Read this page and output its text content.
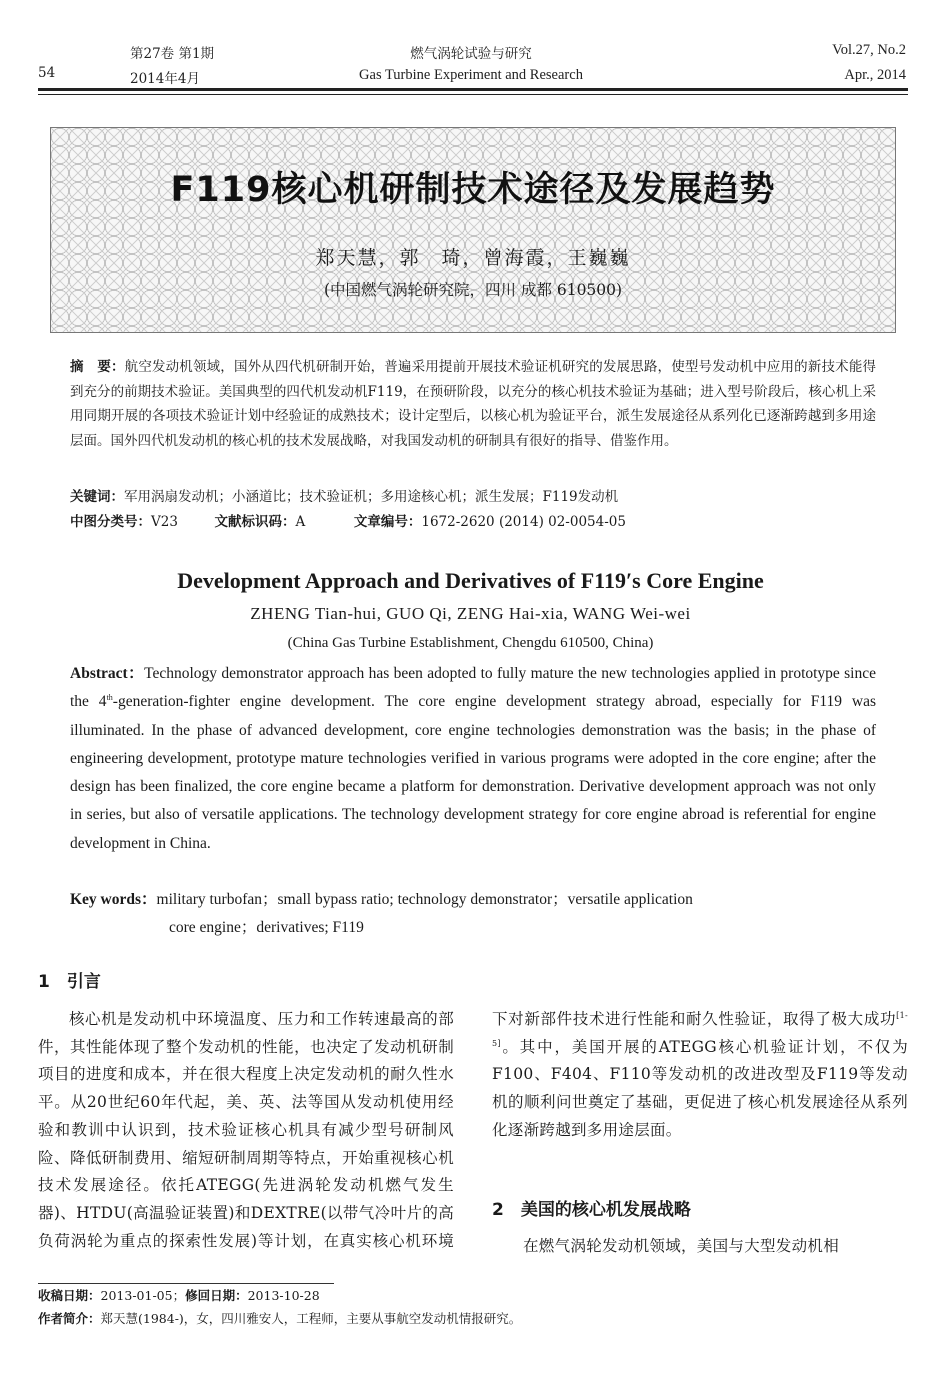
54
第27卷 第1期
2014年4月
燃气涡轮试验与研究
Gas Turbine Experiment and Research
Vol.27, No.2
Apr., 2014
F119核心机研制技术途径及发展趋势
郑天慧，郭　琦，曾海霞，王巍巍
(中国燃气涡轮研究院，四川 成都 610500)
摘　要：航空发动机领域，国外从四代机研制开始，普遍采用提前开展技术验证机研究的发展思路，使型号发动机中应用的新技术能得到充分的前期技术验证。美国典型的四代机发动机F119，在预研阶段，以充分的核心机技术验证为基础；进入型号阶段后，核心机上采用同期开展的各项技术验证计划中经验证的成熟技术；设计定型后，以核心机为验证平台，派生发展途径从系列化已逐渐跨越到多用途层面。国外四代机发动机的核心机的技术发展战略，对我国发动机的研制具有很好的指导、借鉴作用。
关键词：军用涡扇发动机；小涵道比；技术验证机；多用途核心机；派生发展；F119发动机
中图分类号：V23	文献标识码：A	文章编号：1672-2620 (2014) 02-0054-05
Development Approach and Derivatives of F119′s Core Engine
ZHENG Tian-hui, GUO Qi, ZENG Hai-xia, WANG Wei-wei
(China Gas Turbine Establishment, Chengdu 610500, China)
Abstract：Technology demonstrator approach has been adopted to fully mature the new technologies applied in prototype since the 4th-generation-fighter engine development. The core engine development strategy abroad, especially for F119 was illuminated. In the phase of advanced development, core engine technologies demonstration was the basis; in the phase of engineering development, prototype mature technologies verified in various programs were adopted in the core engine; after the design has been finalized, the core engine became a platform for demonstration. Derivative development approach was not only in series, but also of versatile applications. The technology development strategy for core engine abroad is referential for engine development in China.
Key words：military turbofan；small bypass ratio; technology demonstrator；versatile application
core engine；derivatives; F119
1　引言
核心机是发动机中环境温度、压力和工作转速最高的部件，其性能体现了整个发动机的性能，也决定了发动机研制项目的进度和成本，并在很大程度上决定发动机的耐久性水平。从20世纪60年代起，美、英、法等国从发动机使用经验和教训中认识到，技术验证核心机具有减少型号研制风险、降低研制费用、缩短研制周期等特点，开始重视核心机技术发展途径。依托ATEGG(先进涡轮发动机燃气发生器)、HTDU(高温验证装置)和DEXTRE(以带气冷叶片的高负荷涡轮为重点的探索性发展)等计划，在真实核心机环境下对新部件技术进行性能和耐久性验证，取得了极大成功[1-5]。其中，美国开展的ATEGG核心机验证计划，不仅为F100、F404、F110等发动机的改进改型及F119等发动机的顺利问世奠定了基础，更促进了核心机发展途径从系列化逐渐跨越到多用途层面。
2　美国的核心机发展战略
在燃气涡轮发动机领域，美国与大型发动机相
收稿日期：2013-01-05；修回日期：2013-10-28
作者简介：郑天慧(1984-)，女，四川雅安人，工程师，主要从事航空发动机情报研究。
